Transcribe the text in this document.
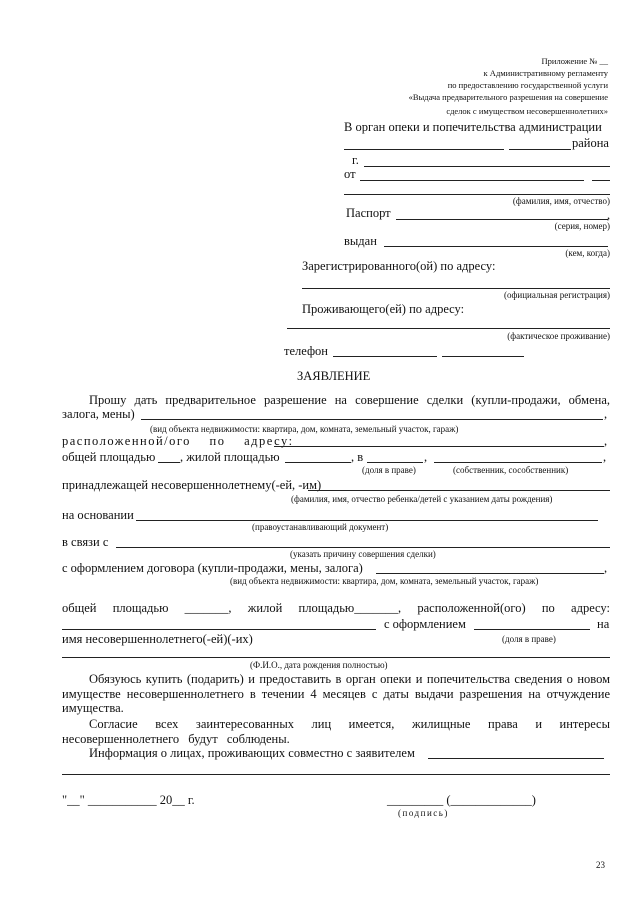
Приложение № __
к Административному регламенту
по предоставлению государственной услуги
«Выдача предварительного разрешения на совершение
сделок с имуществом несовершеннолетних»
В орган опеки и попечительства администрации
района
г.
от
(фамилия, имя, отчество)
Паспорт	,
(серия, номер)
выдан
(кем, когда)
Зарегистрированного(ой) по адресу:
(официальная регистрация)
Проживающего(ей) по адресу:
(фактическое проживание)
телефон
ЗАЯВЛЕНИЕ
Прошу дать предварительное разрешение на совершение сделки (купли-продажи, обмена,
залога, мены)	,
(вид объекта недвижимости: квартира, дом, комната, земельный участок, гараж)
расположенной/ого по адресу:	,
общей площадью , жилой площадью	, в	,	,
(доля в праве)	(собственник, сособственник)
принадлежащей несовершеннолетнему(-ей, -им)
(фамилия, имя, отчество ребенка/детей с указанием даты рождения)
на основании
(правоустанавливающий документ)
в связи с
(указать причину совершения сделки)
с оформлением договора (купли-продажи, мены, залога)	,
(вид объекта недвижимости: квартира, дом, комната, земельный участок, гараж)
общей площадью _______, жилой площадью_______, расположенной(ого) по адресу:
с оформлением	на
имя несовершеннолетнего(-ей)(-их)	(доля в праве)
(Ф.И.О., дата рождения полностью)
Обязуюсь купить (подарить) и предоставить в орган опеки и попечительства сведения о новом имуществе несовершеннолетнего в течении 4 месяцев с даты выдачи разрешения на отчуждение имущества.
Согласие всех заинтересованных лиц имеется, жилищные права и интересы несовершеннолетнего будут соблюдены.
Информация о лицах, проживающих совместно с заявителем
"__" ___________ 20__ г.	_________ (_____________)
(подпись)
23
